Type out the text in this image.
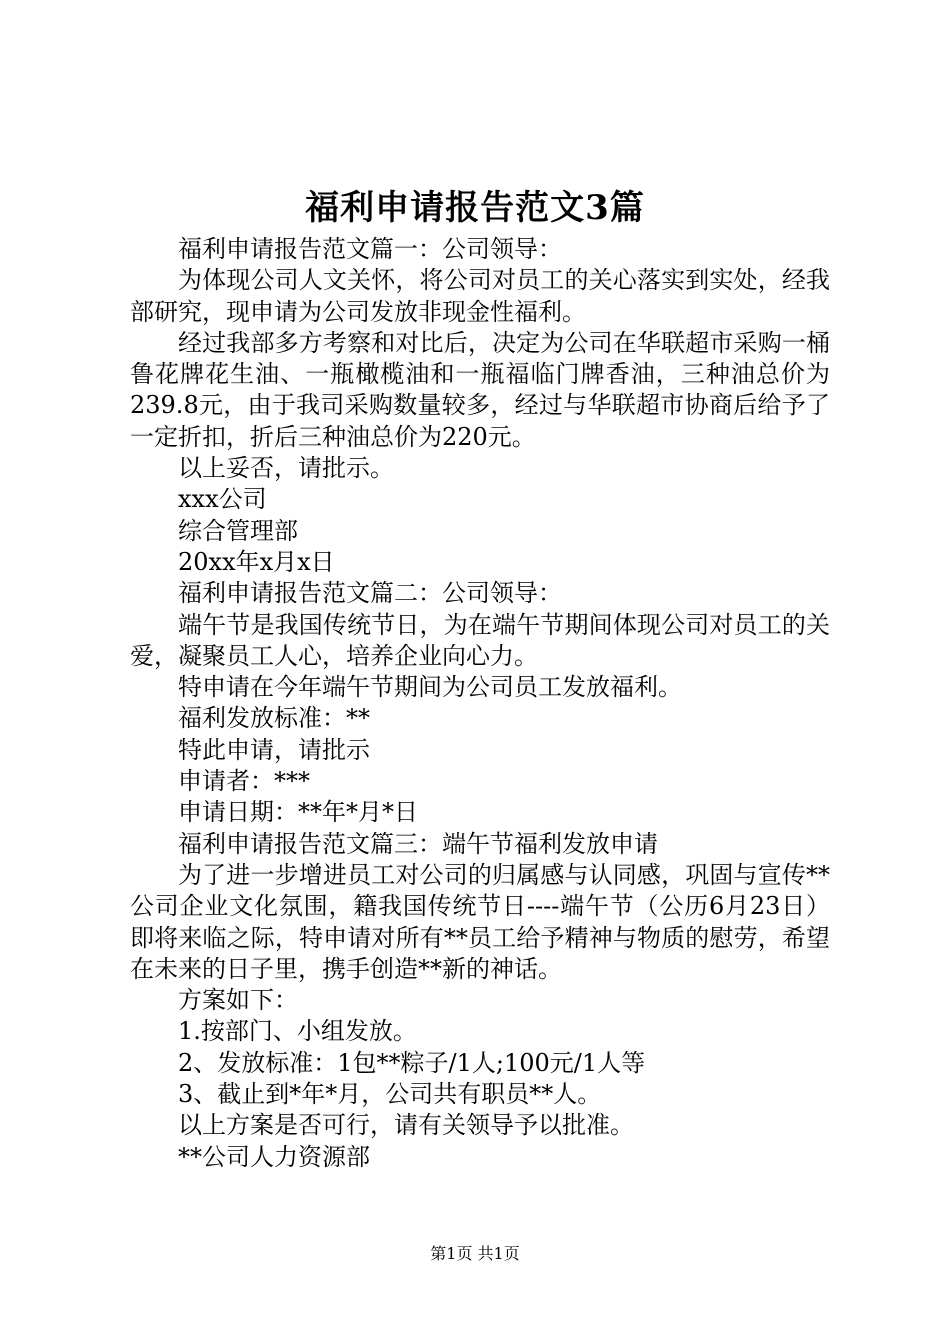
福利申请报告范文3篇

福利申请报告范文篇一：公司领导：

为体现公司人文关怀，将公司对员工的关心落实到实处，经我部研究，现申请为公司发放非现金性福利。

经过我部多方考察和对比后，决定为公司在华联超市采购一桶鲁花牌花生油、一瓶橄榄油和一瓶福临门牌香油，三种油总价为239.8元，由于我司采购数量较多，经过与华联超市协商后给予了一定折扣，折后三种油总价为220元。

以上妥否，请批示。

xxx公司

综合管理部

20xx年x月x日

福利申请报告范文篇二：公司领导：

端午节是我国传统节日，为在端午节期间体现公司对员工的关爱，凝聚员工人心，培养企业向心力。

特申请在今年端午节期间为公司员工发放福利。

福利发放标准：**

特此申请，请批示

申请者：***

申请日期：**年*月*日

福利申请报告范文篇三：端午节福利发放申请

为了进一步增进员工对公司的归属感与认同感，巩固与宣传**公司企业文化氛围，籍我国传统节日----端午节（公历6月23日）即将来临之际，特申请对所有**员工给予精神与物质的慰劳，希望在未来的日子里，携手创造**新的神话。

方案如下：

1.按部门、小组发放。

2、发放标准：1包**粽子/1人;100元/1人等

3、截止到*年*月，公司共有职员**人。

以上方案是否可行，请有关领导予以批准。

**公司人力资源部

第1页 共1页
